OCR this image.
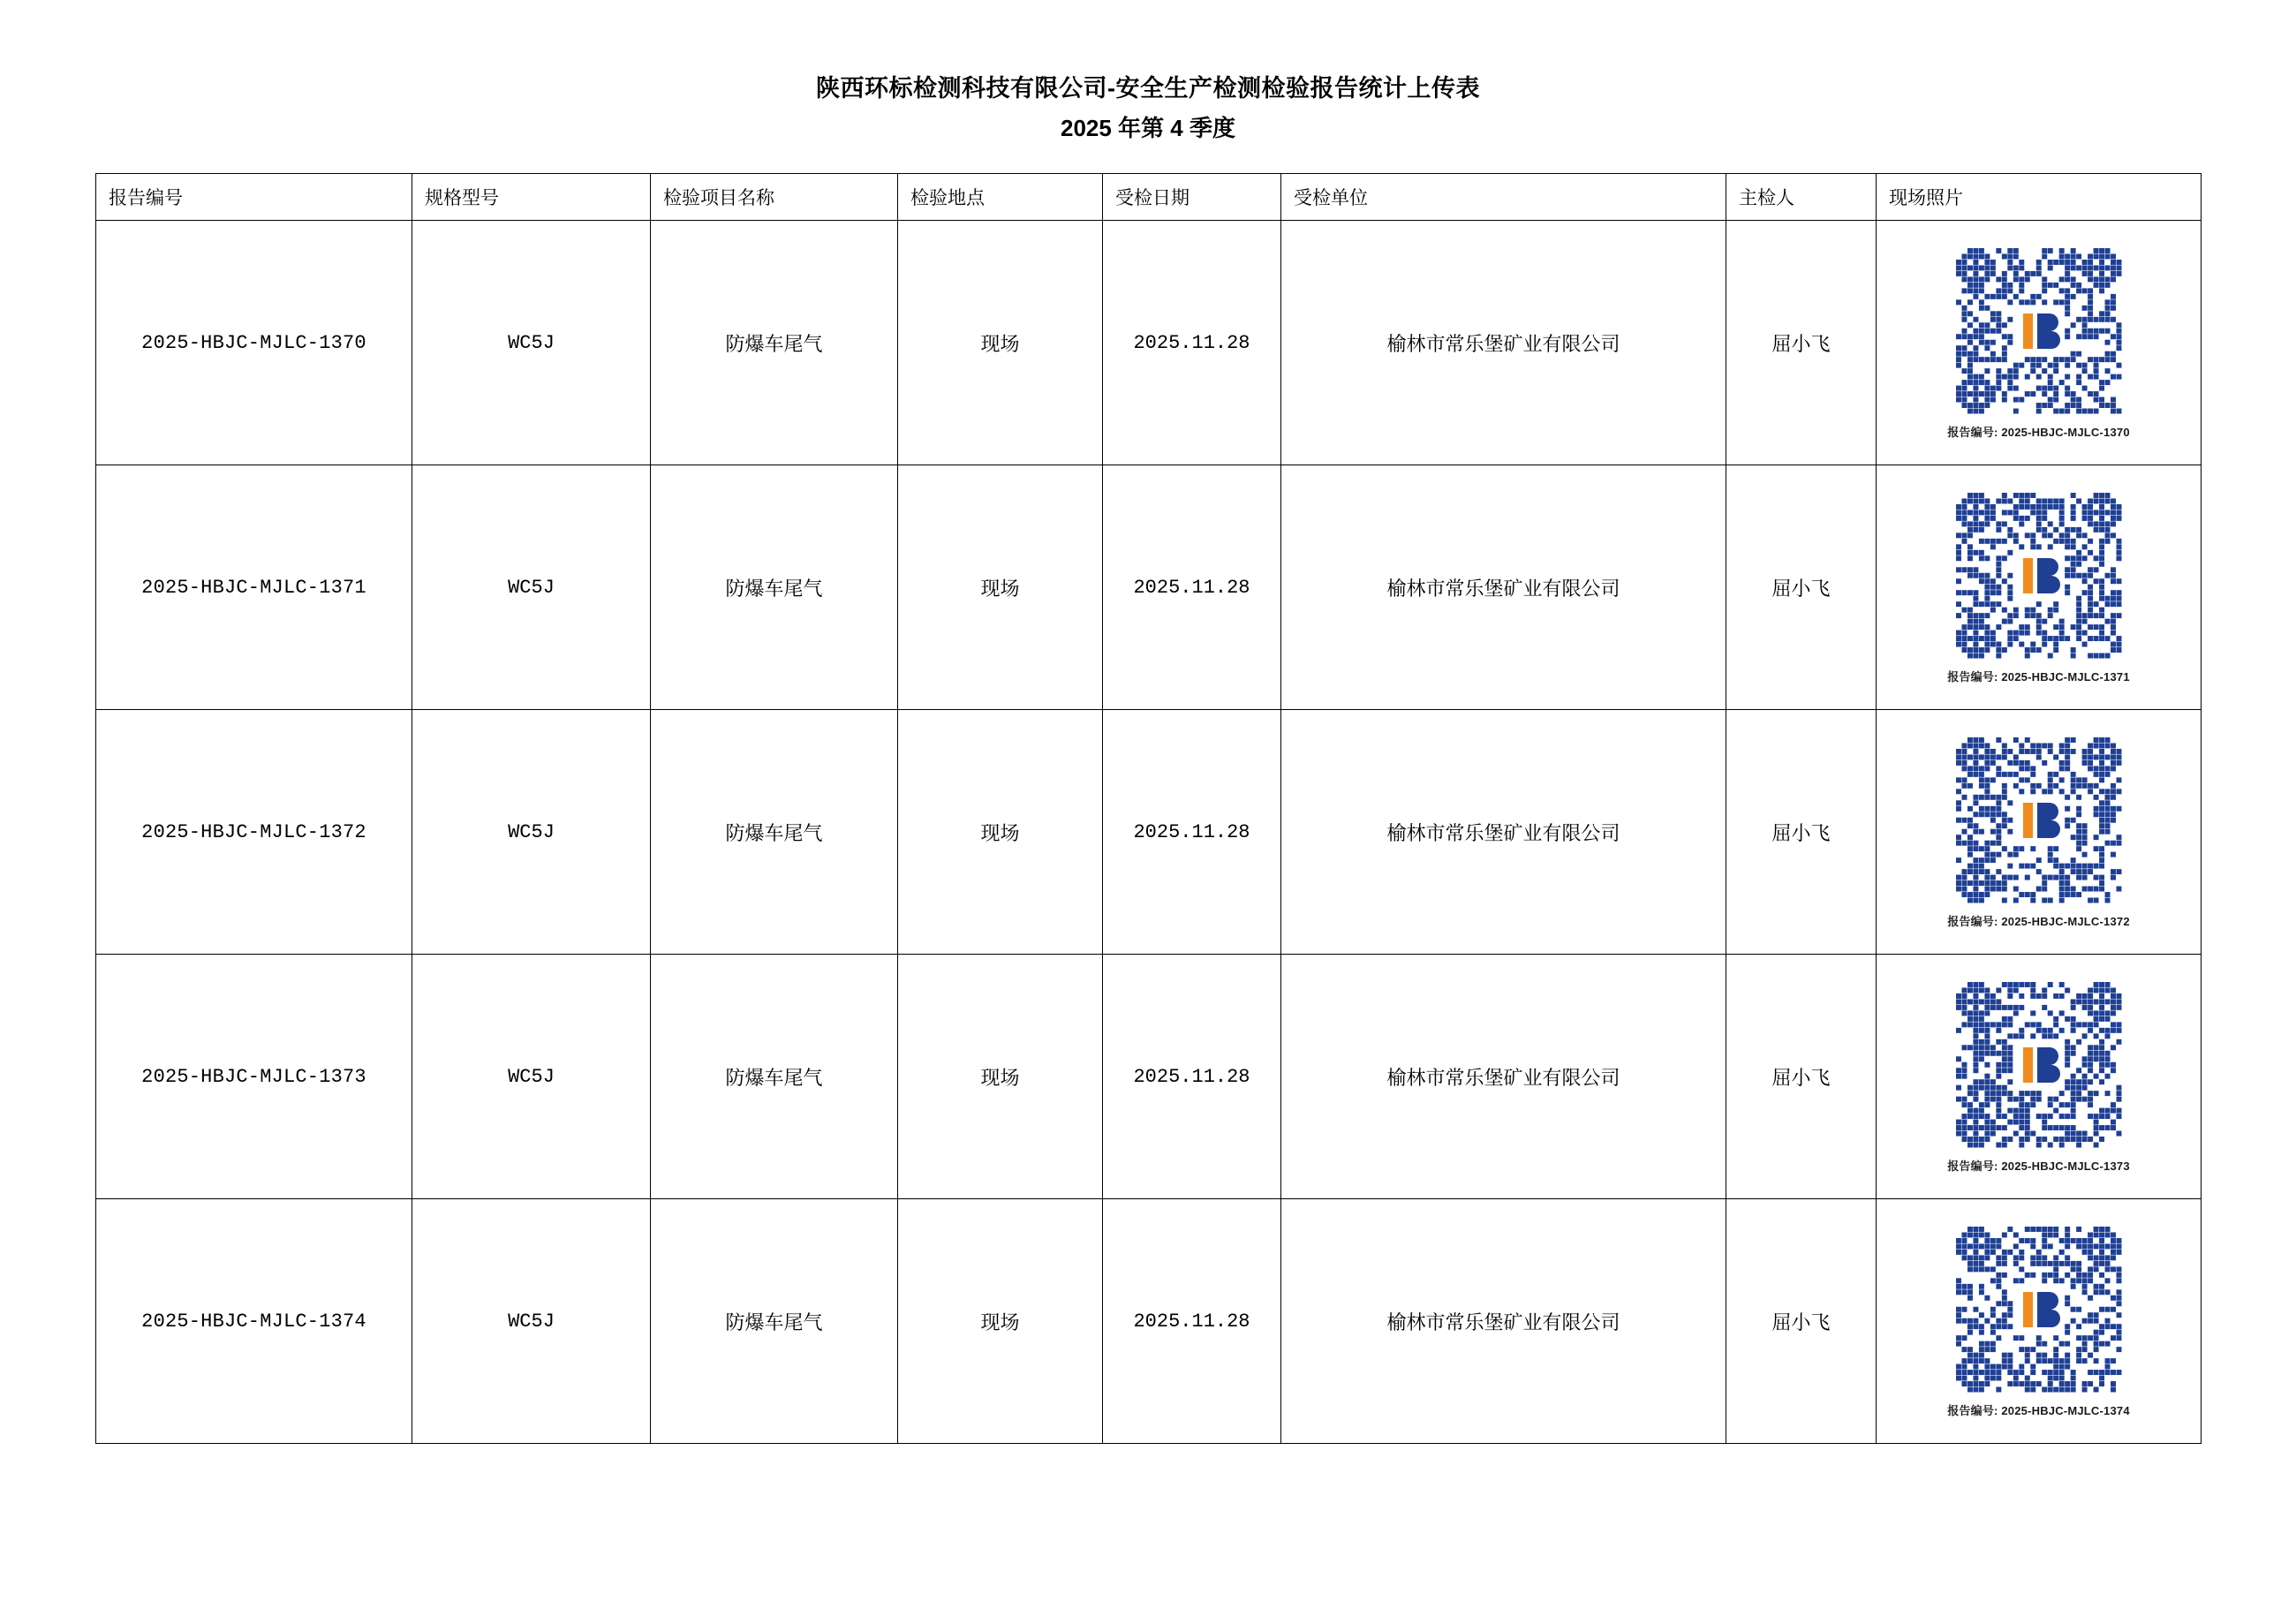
陕西环标检测科技有限公司-安全生产检测检验报告统计上传表
2025 年第 4 季度
报告编号	规格型号	检验项目名称	检验地点	受检日期	受检单位	主检人	现场照片
2025-HBJC-MJLC-1370	WC5J	防爆车尾气	现场	2025.11.28	榆林市常乐堡矿业有限公司	屈小飞	报告编号: 2025-HBJC-MJLC-1370

2025-HBJC-MJLC-1371	WC5J	防爆车尾气	现场	2025.11.28	榆林市常乐堡矿业有限公司	屈小飞	报告编号: 2025-HBJC-MJLC-1371

2025-HBJC-MJLC-1372	WC5J	防爆车尾气	现场	2025.11.28	榆林市常乐堡矿业有限公司	屈小飞	报告编号: 2025-HBJC-MJLC-1372

2025-HBJC-MJLC-1373	WC5J	防爆车尾气	现场	2025.11.28	榆林市常乐堡矿业有限公司	屈小飞	报告编号: 2025-HBJC-MJLC-1373

2025-HBJC-MJLC-1374	WC5J	防爆车尾气	现场	2025.11.28	榆林市常乐堡矿业有限公司	屈小飞	报告编号: 2025-HBJC-MJLC-1374
